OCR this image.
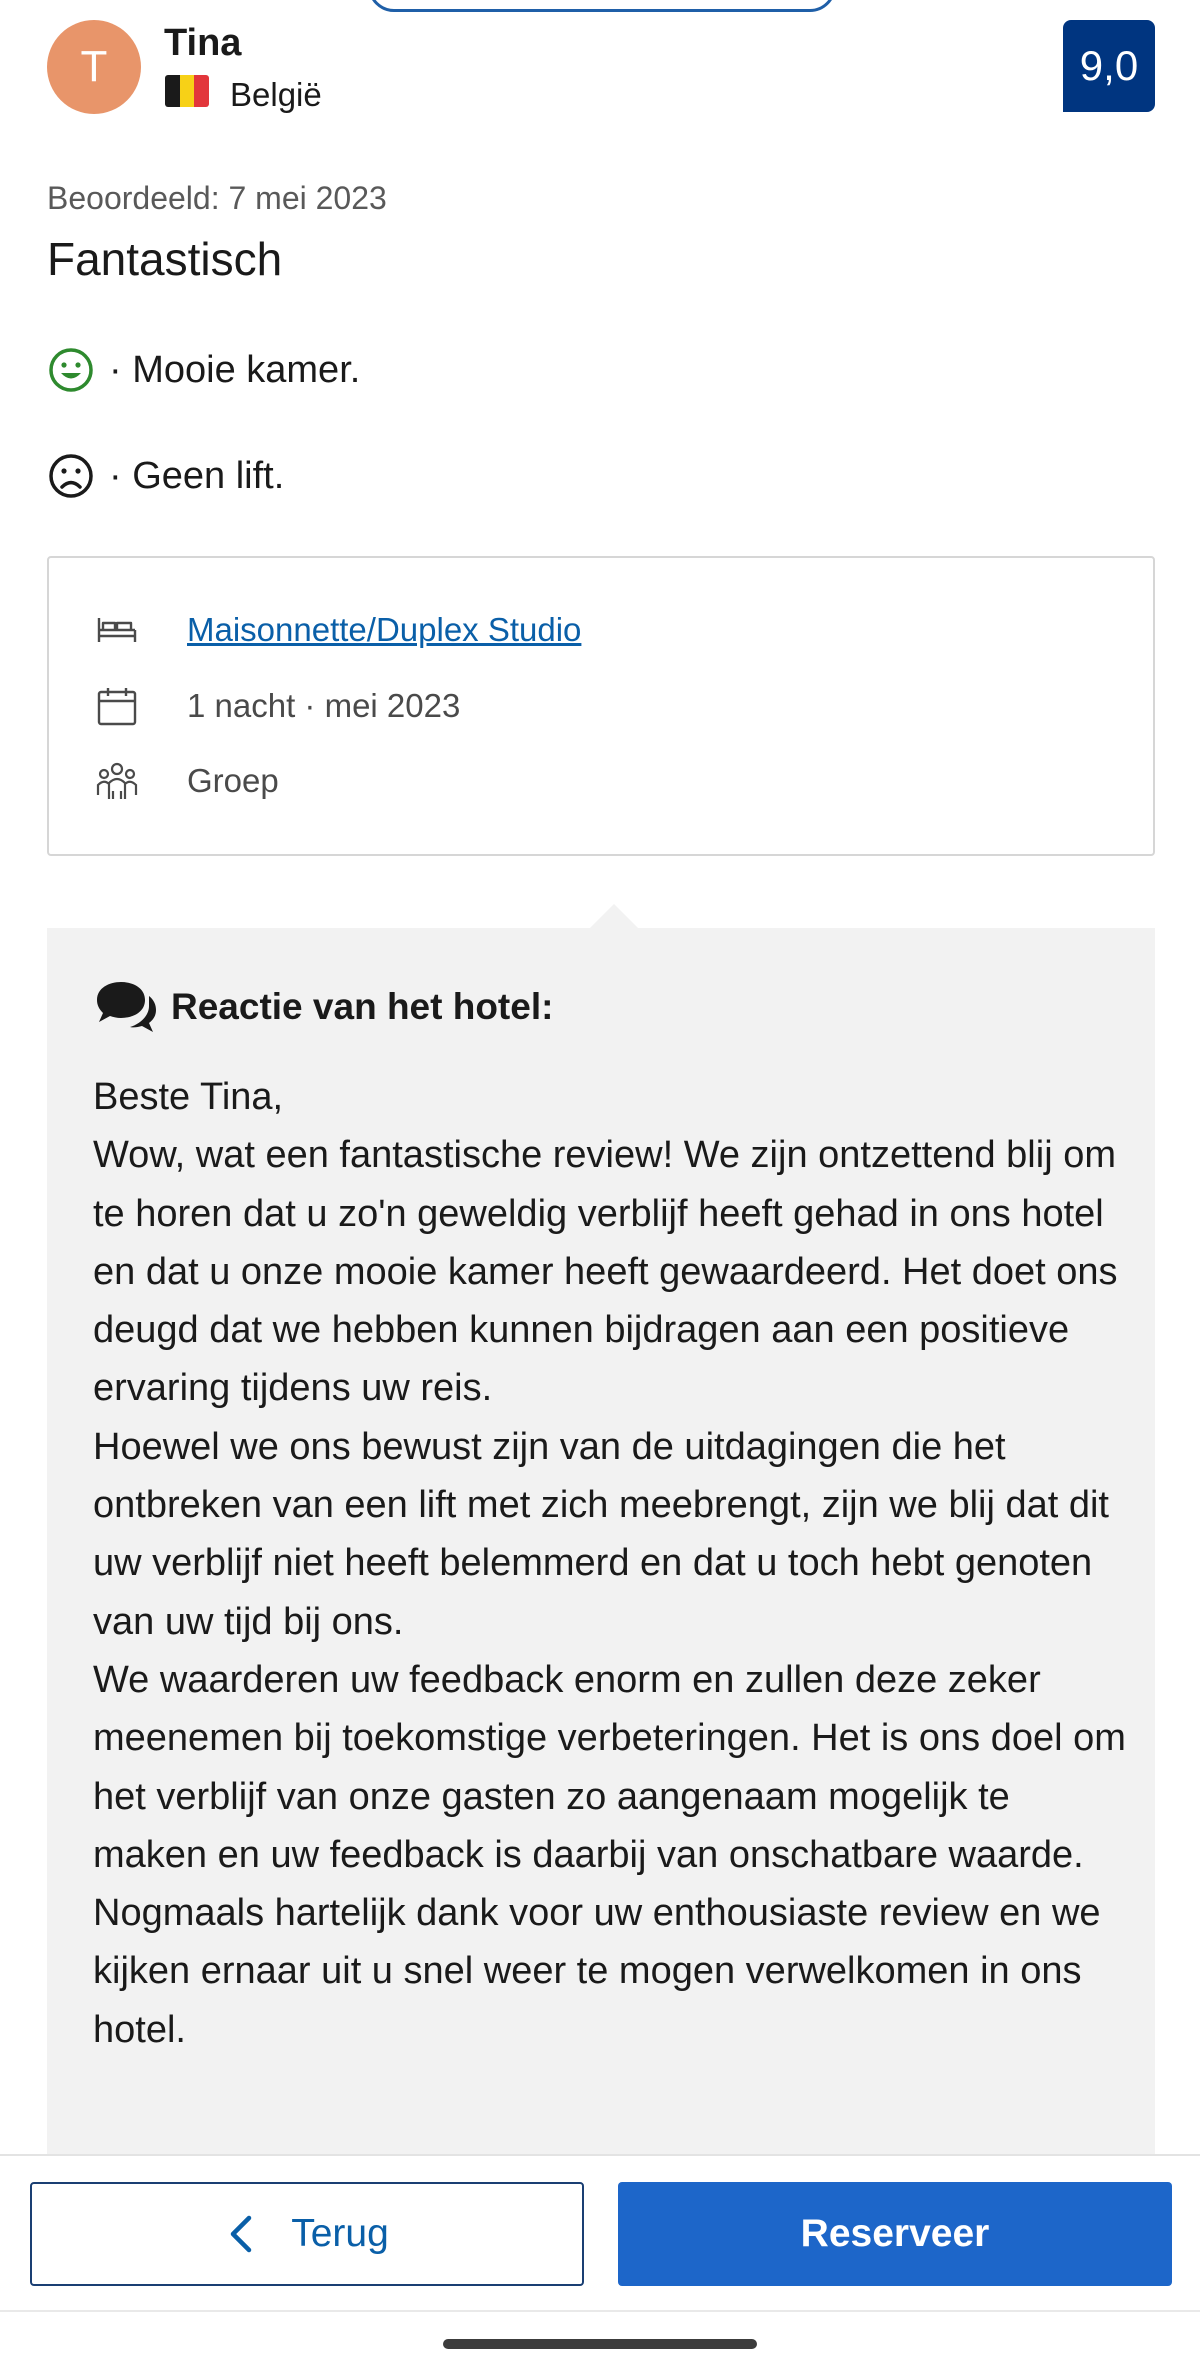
T	Tina
België
9,0
Beoordeeld: 7 mei 2023
Fantastisch
· Mooie kamer.
· Geen lift.
Maisonnette/Duplex Studio
1 nacht · mei 2023
Groep
Reactie van het hotel:

Beste Tina,

Wow, wat een fantastische review! We zijn ontzettend blij om te horen dat u zo'n geweldig verblijf heeft gehad in ons hotel en dat u onze mooie kamer heeft gewaardeerd. Het doet ons deugd dat we hebben kunnen bijdragen aan een positieve ervaring tijdens uw reis.

Hoewel we ons bewust zijn van de uitdagingen die het ontbreken van een lift met zich meebrengt, zijn we blij dat dit uw verblijf niet heeft belemmerd en dat u toch hebt genoten van uw tijd bij ons.

We waarderen uw feedback enorm en zullen deze zeker meenemen bij toekomstige verbeteringen. Het is ons doel om het verblijf van onze gasten zo aangenaam mogelijk te maken en uw feedback is daarbij van onschatbare waarde.

Nogmaals hartelijk dank voor uw enthousiaste review en we kijken ernaar uit u snel weer te mogen verwelkomen in ons hotel.

Terug	Reserveer
